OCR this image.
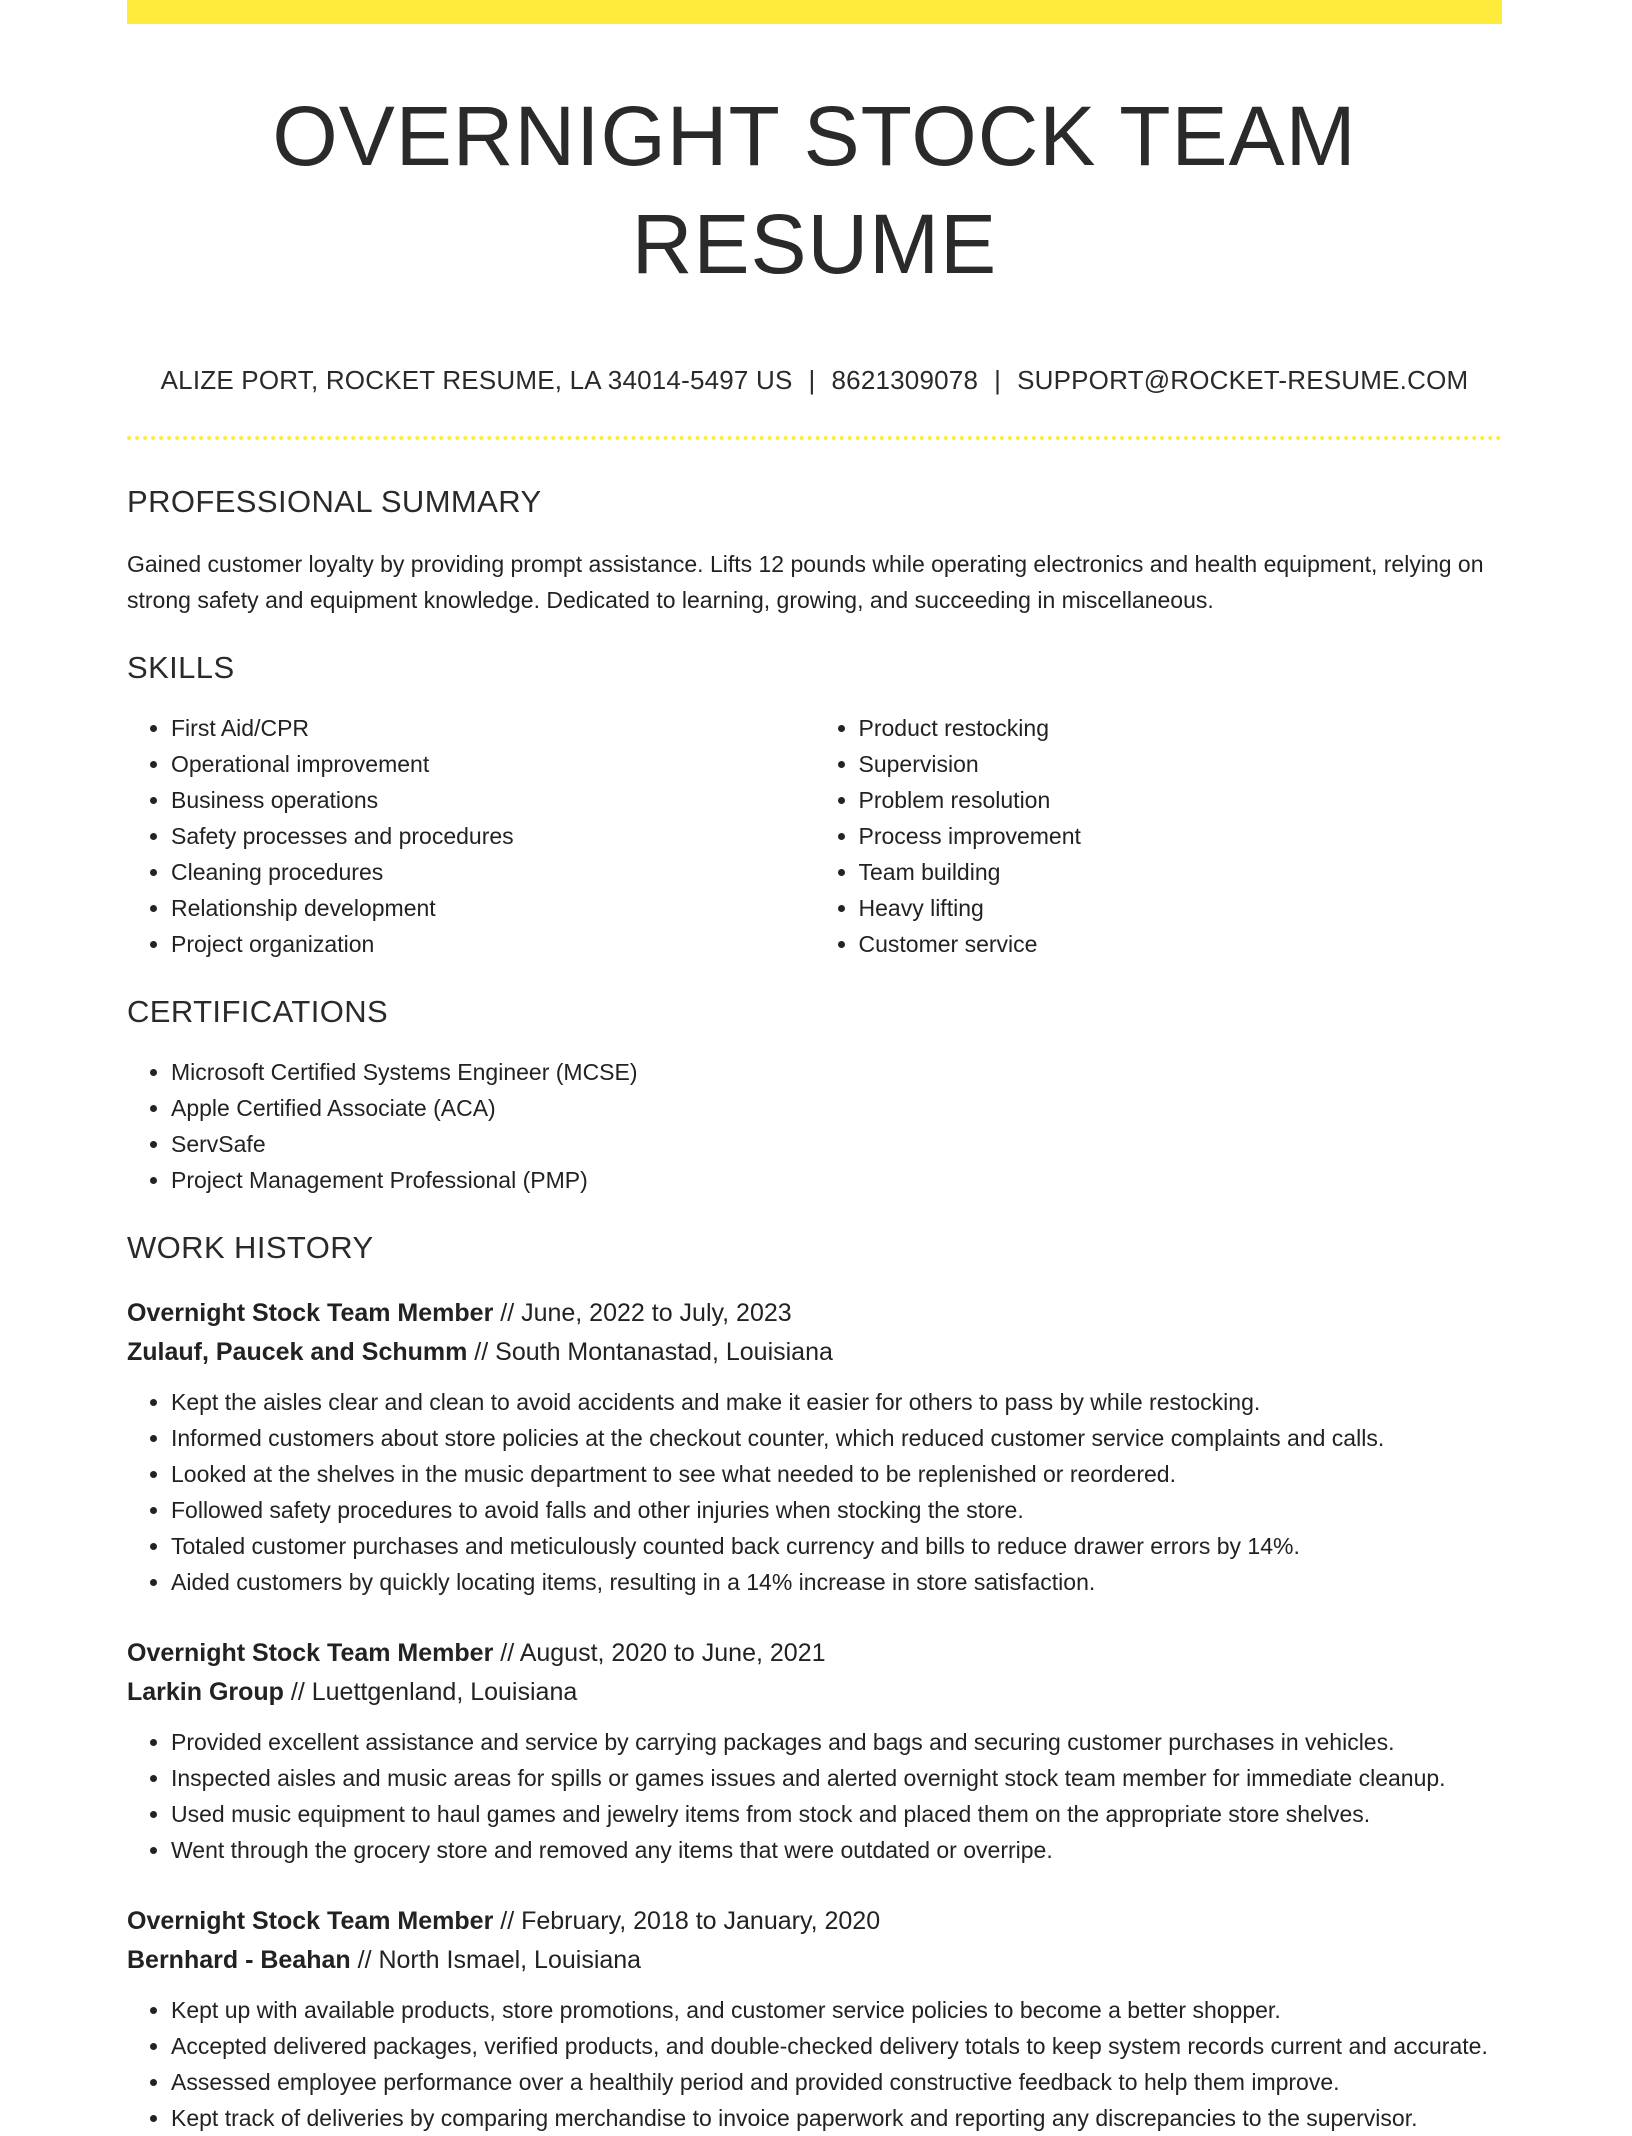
OVERNIGHT STOCK TEAM RESUME
ALIZE PORT, ROCKET RESUME, LA 34014-5497 US | 8621309078 | SUPPORT@ROCKET-RESUME.COM
PROFESSIONAL SUMMARY

Gained customer loyalty by providing prompt assistance. Lifts 12 pounds while operating electronics and health equipment, relying on strong safety and equipment knowledge. Dedicated to learning, growing, and succeeding in miscellaneous.

SKILLS
• First Aid/CPR
• Operational improvement
• Business operations
• Safety processes and procedures
• Cleaning procedures
• Relationship development
• Project organization
• Product restocking
• Supervision
• Problem resolution
• Process improvement
• Team building
• Heavy lifting
• Customer service
CERTIFICATIONS
• Microsoft Certified Systems Engineer (MCSE)
• Apple Certified Associate (ACA)
• ServSafe
• Project Management Professional (PMP)
WORK HISTORY
Overnight Stock Team Member // June, 2022 to July, 2023
Zulauf, Paucek and Schumm // South Montanastad, Louisiana
• Kept the aisles clear and clean to avoid accidents and make it easier for others to pass by while restocking.
• Informed customers about store policies at the checkout counter, which reduced customer service complaints and calls.
• Looked at the shelves in the music department to see what needed to be replenished or reordered.
• Followed safety procedures to avoid falls and other injuries when stocking the store.
• Totaled customer purchases and meticulously counted back currency and bills to reduce drawer errors by 14%.
• Aided customers by quickly locating items, resulting in a 14% increase in store satisfaction.
Overnight Stock Team Member // August, 2020 to June, 2021
Larkin Group // Luettgenland, Louisiana
• Provided excellent assistance and service by carrying packages and bags and securing customer purchases in vehicles.
• Inspected aisles and music areas for spills or games issues and alerted overnight stock team member for immediate cleanup.
• Used music equipment to haul games and jewelry items from stock and placed them on the appropriate store shelves.
• Went through the grocery store and removed any items that were outdated or overripe.
Overnight Stock Team Member // February, 2018 to January, 2020
Bernhard - Beahan // North Ismael, Louisiana
• Kept up with available products, store promotions, and customer service policies to become a better shopper.
• Accepted delivered packages, verified products, and double-checked delivery totals to keep system records current and accurate.
• Assessed employee performance over a healthily period and provided constructive feedback to help them improve.
• Kept track of deliveries by comparing merchandise to invoice paperwork and reporting any discrepancies to the supervisor.
